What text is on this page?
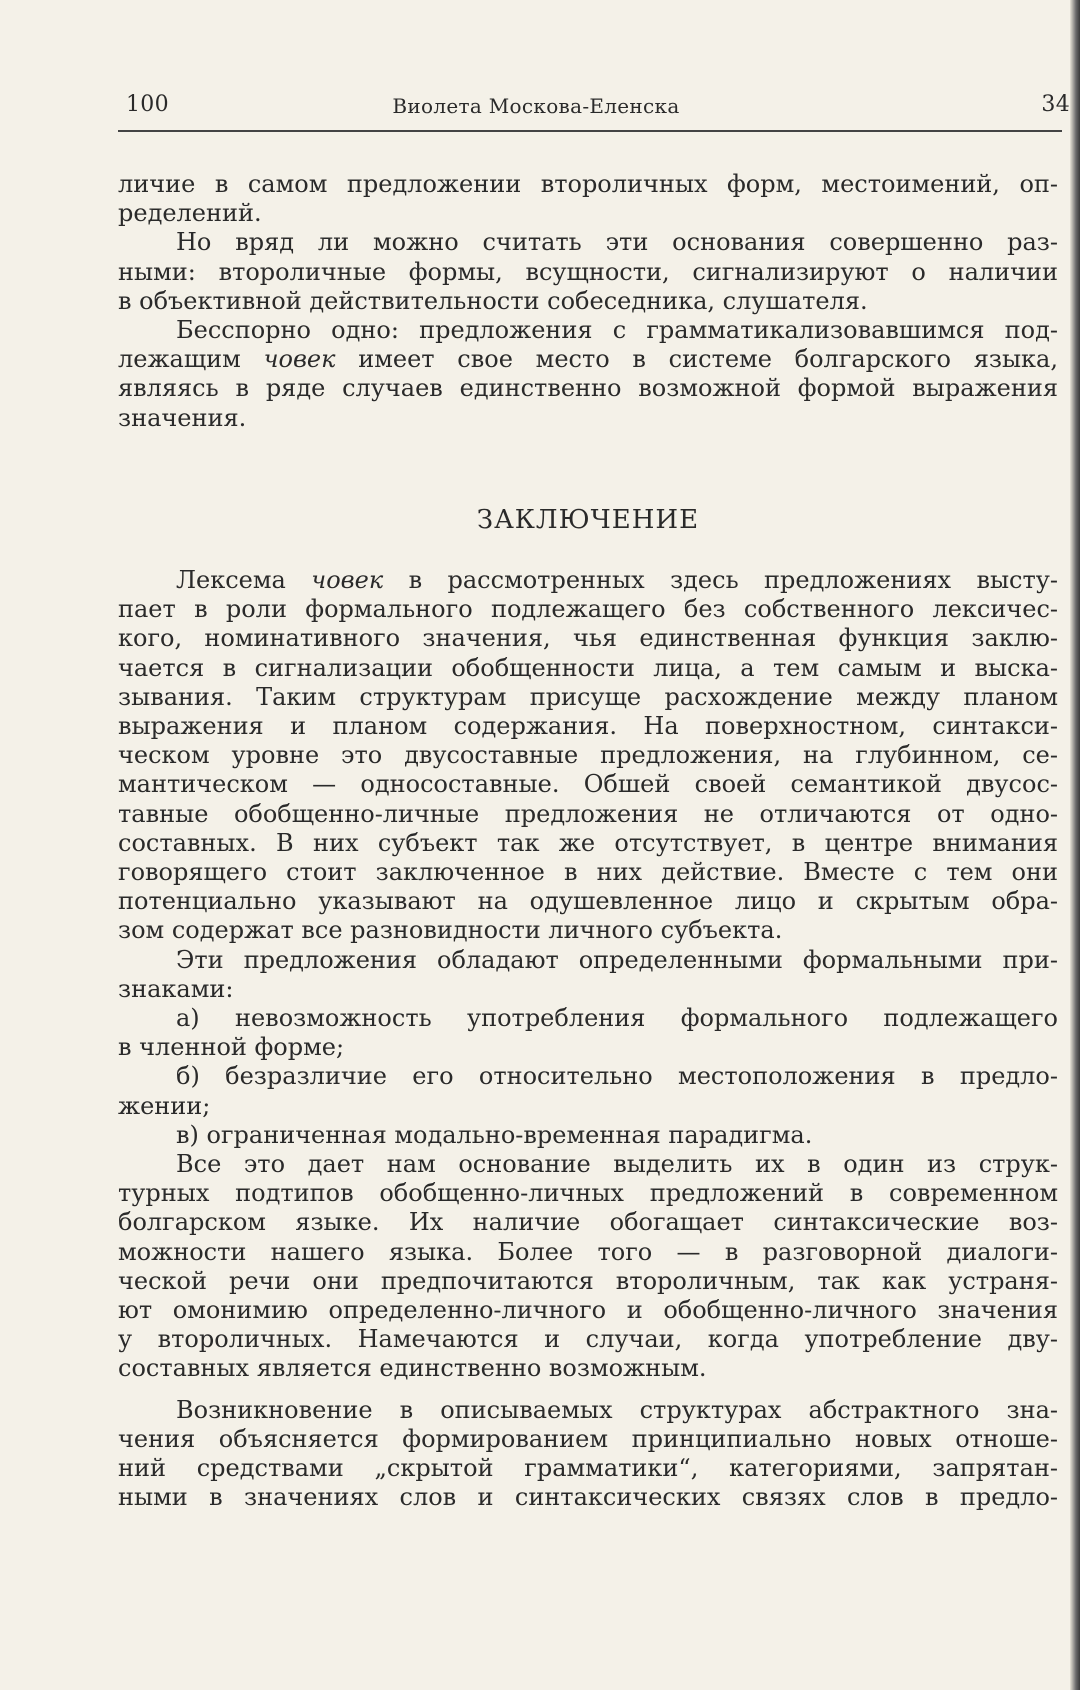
100	Виолета Москова-Еленска	34
личие в самом предложении второличных форм, местоимений, оп-
ределений.
Но вряд ли можно считать эти основания совершенно раз-
ными: второличные формы, всущности, сигнализируют о наличии
в объективной действительности собеседника, слушателя.
Бесспорно одно: предложения с грамматикализовавшимся под-
лежащим човек имеет свое место в системе болгарского языка,
являясь в ряде случаев единственно возможной формой выражения
значения.
ЗАКЛЮЧЕНИЕ
Лексема човек в рассмотренных здесь предложениях высту-
пает в роли формального подлежащего без собственного лексичес-
кого, номинативного значения, чья единственная функция заклю-
чается в сигнализации обобщенности лица, а тем самым и выска-
зывания. Таким структурам присуще расхождение между планом
выражения и планом содержания. На поверхностном, синтакси-
ческом уровне это двусоставные предложения, на глубинном, се-
мантическом — односоставные. Обшей своей семантикой двусос-
тавные обобщенно-личные предложения не отличаются от одно-
составных. В них субъект так же отсутствует, в центре внимания
говорящего стоит заключенное в них действие. Вместе с тем они
потенциально указывают на одушевленное лицо и скрытым обра-
зом содержат все разновидности личного субъекта.
Эти предложения обладают определенными формальными при-
знаками:
а) невозможность употребления формального подлежащего
в членной форме;
б) безразличие его относительно местоположения в предло-
жении;
в) ограниченная модально-временная парадигма.
Все это дает нам основание выделить их в один из струк-
турных подтипов обобщенно-личных предложений в современном
болгарском языке. Их наличие обогащает синтаксические воз-
можности нашего языка. Более того — в разговорной диалоги-
ческой речи они предпочитаются второличным, так как устраня-
ют омонимию определенно-личного и обобщенно-личного значения
у второличных. Намечаются и случаи, когда употребление дву-
составных является единственно возможным.
Возникновение в описываемых структурах абстрактного зна-
чения объясняется формированием принципиально новых отноше-
ний средствами „скрытой грамматики“, категориями, запрятан-
ными в значениях слов и синтаксических связях слов в предло-
